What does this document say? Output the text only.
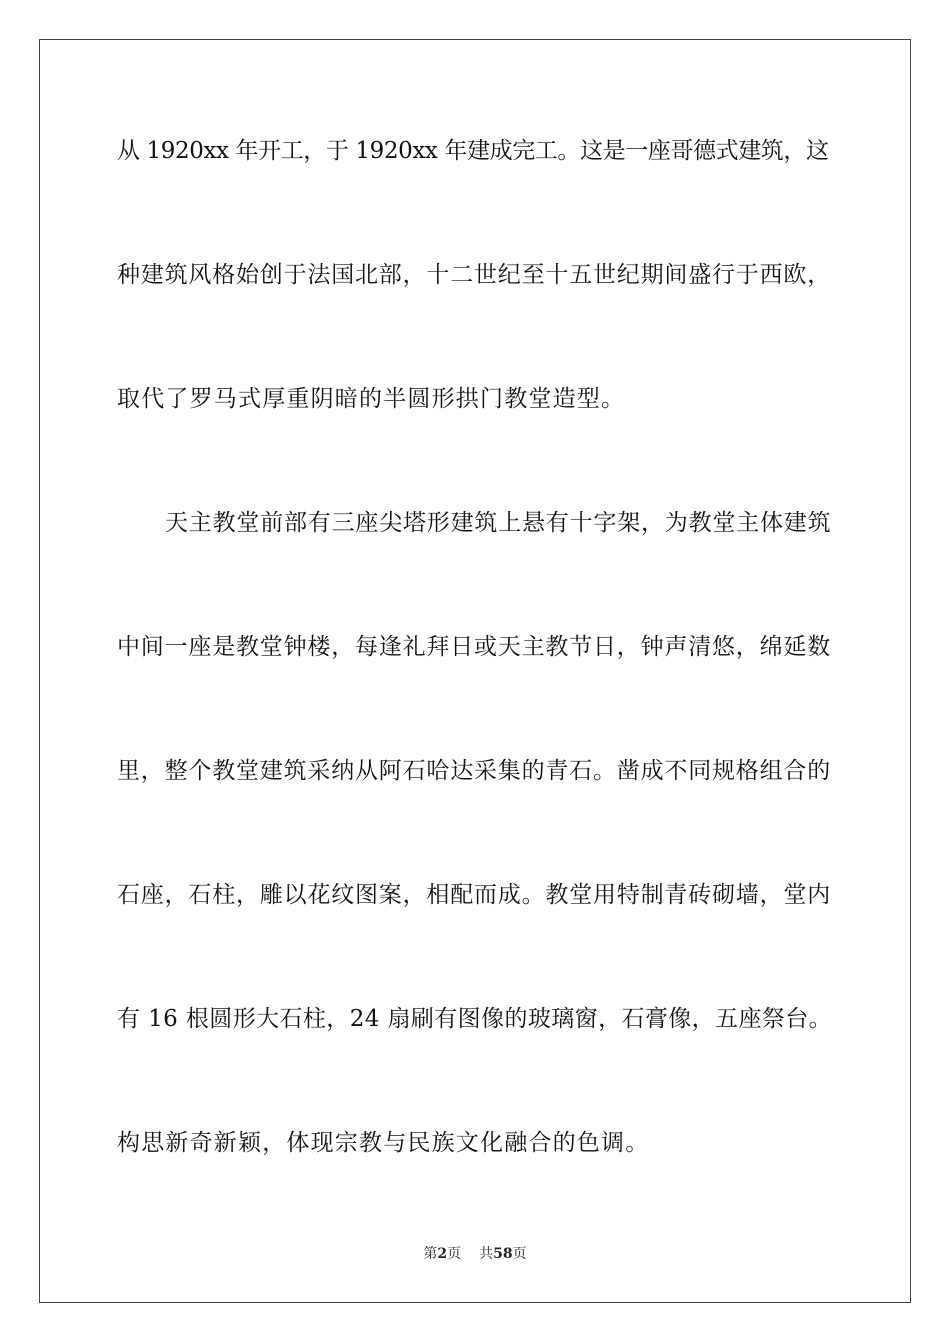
从 1920xx 年开工，于 1920xx 年建成完工。这是一座哥德式建筑，这
种建筑风格始创于法国北部，十二世纪至十五世纪期间盛行于西欧，
取代了罗马式厚重阴暗的半圆形拱门教堂造型。
天主教堂前部有三座尖塔形建筑上悬有十字架，为教堂主体建筑
中间一座是教堂钟楼，每逢礼拜日或天主教节日，钟声清悠，绵延数
里，整个教堂建筑采纳从阿石哈达采集的青石。凿成不同规格组合的
石座，石柱，雕以花纹图案，相配而成。教堂用特制青砖砌墙，堂内
有 16 根圆形大石柱，24 扇刷有图像的玻璃窗，石膏像，五座祭台。
构思新奇新颖，体现宗教与民族文化融合的色调。
第2页 共58页
